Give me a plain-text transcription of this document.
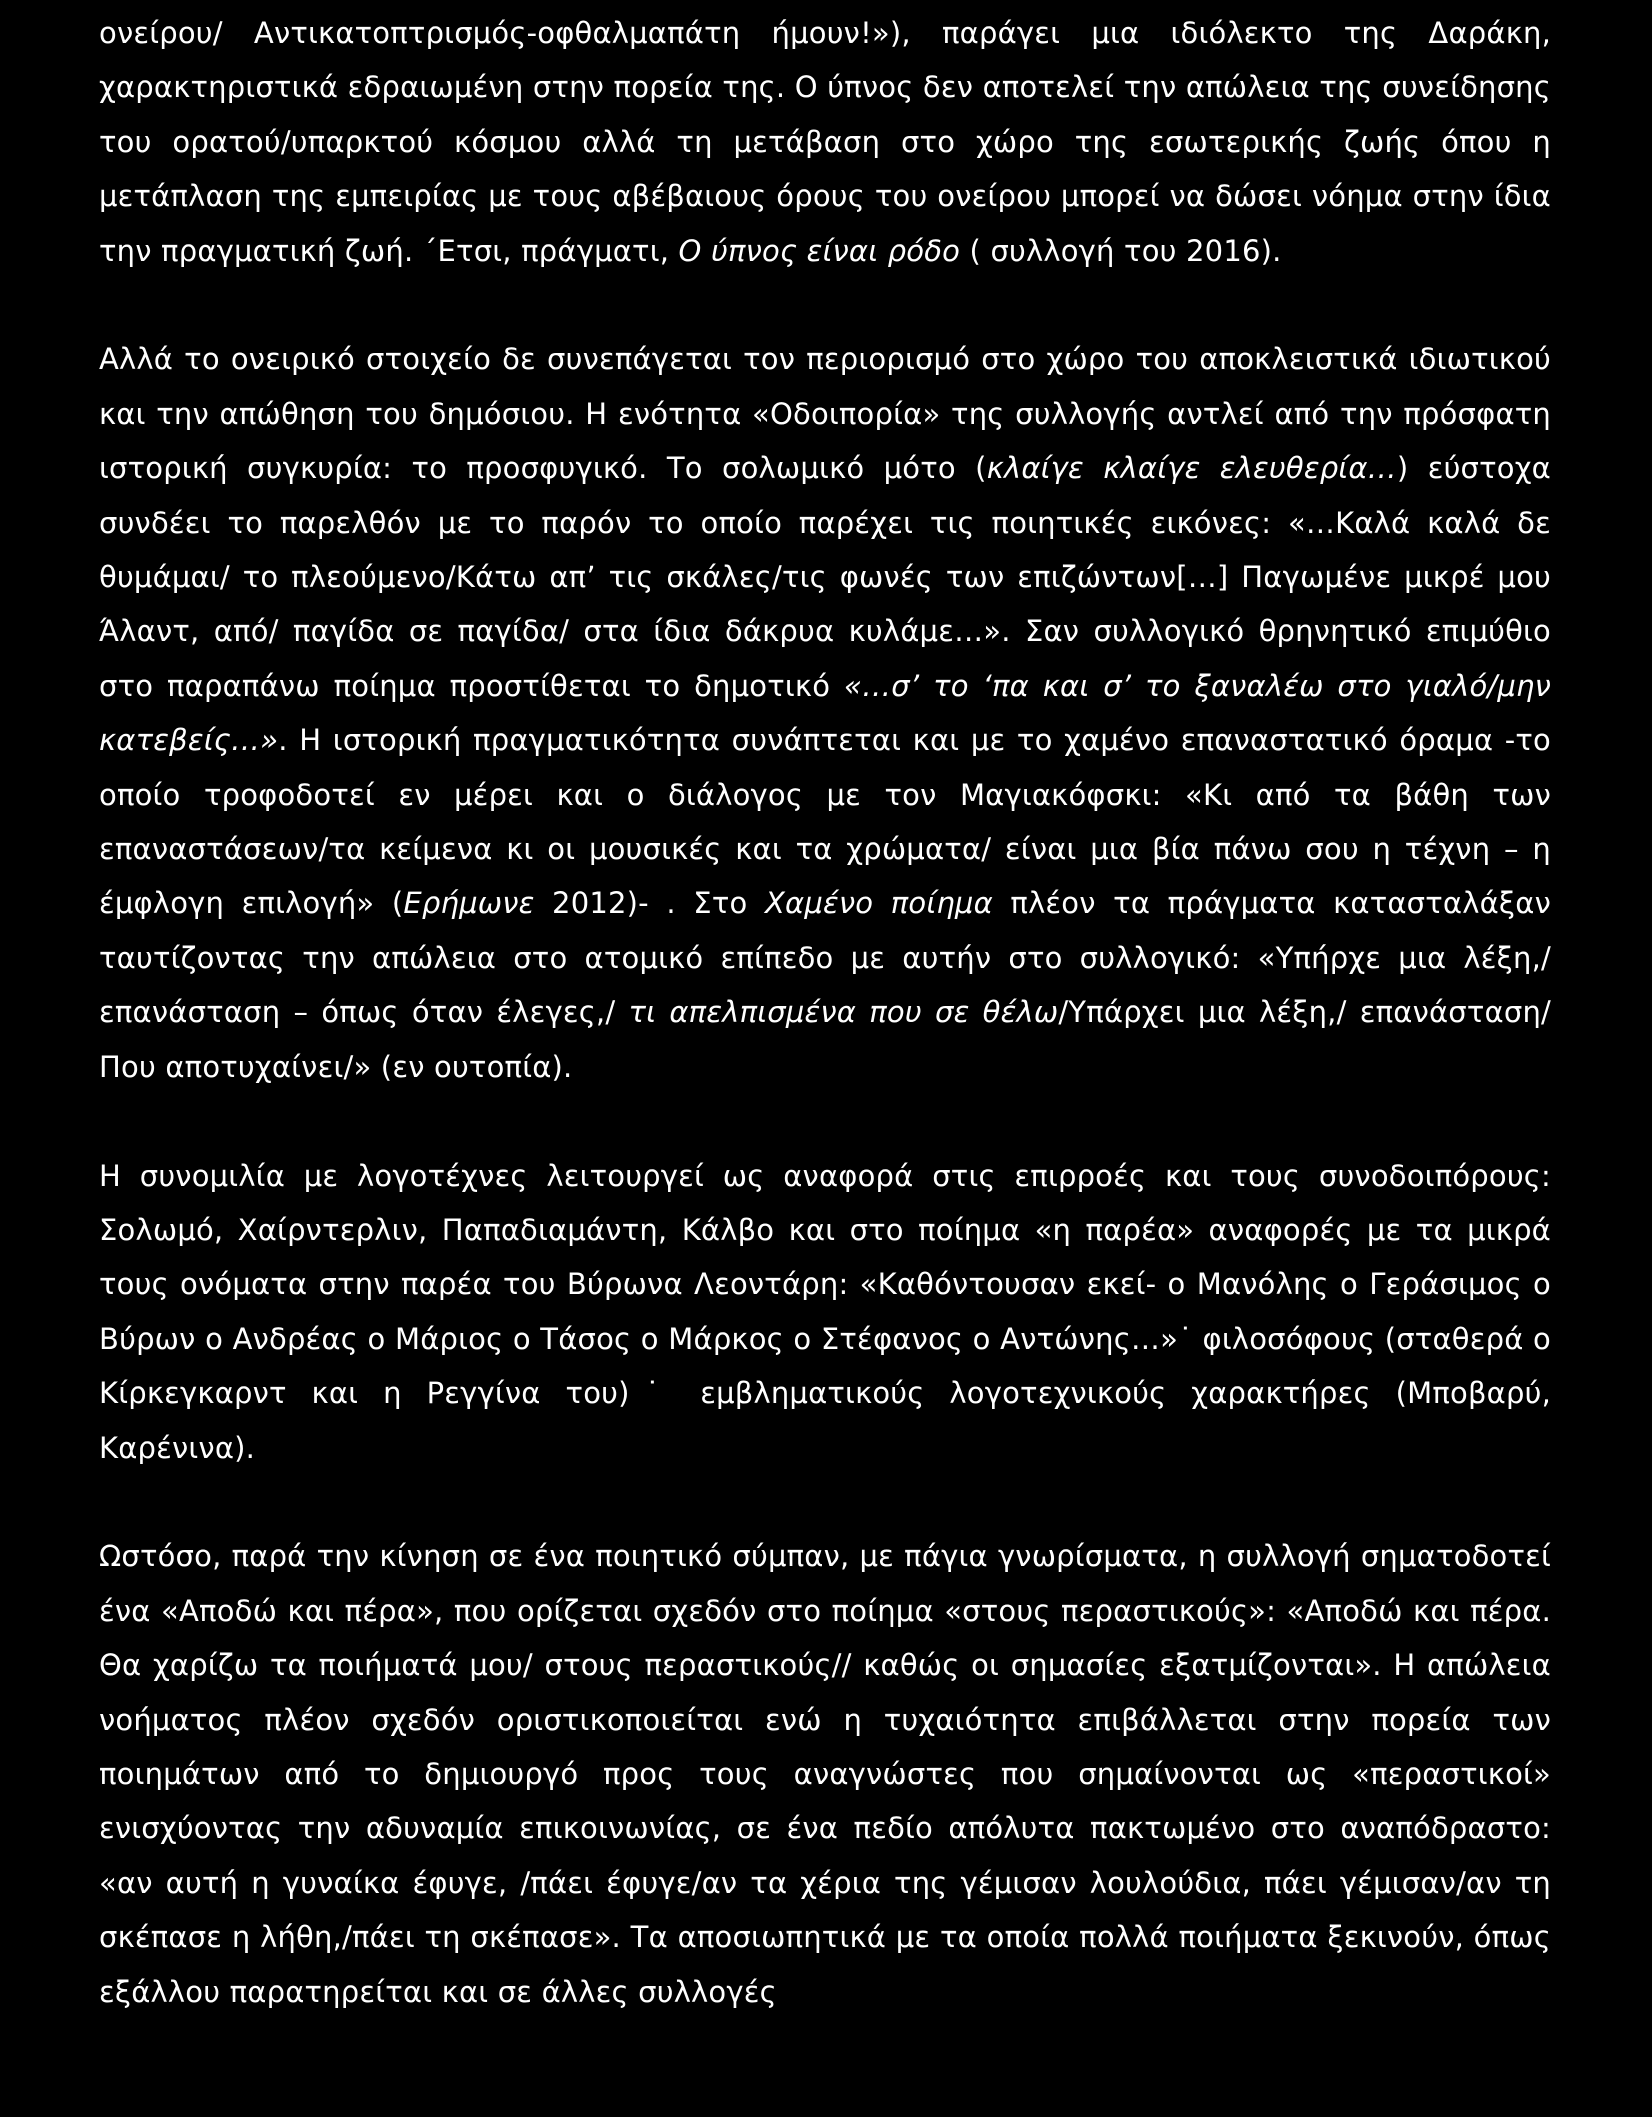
ονείρου/ Αντικατοπτρισμός-οφθαλμαπάτη ήμουν!»), παράγει μια ιδιόλεκτο της Δαράκη, χαρακτηριστικά εδραιωμένη στην πορεία της. Ο ύπνος δεν αποτελεί την απώλεια της συνείδησης του ορατού/υπαρκτού κόσμου αλλά τη μετάβαση στο χώρο της εσωτερικής ζωής όπου η μετάπλαση της εμπειρίας με τους αβέβαιους όρους του ονείρου μπορεί να δώσει νόημα στην ίδια την πραγματική ζωή. ΄Ετσι, πράγματι, Ο ύπνος είναι ρόδο ( συλλογή του 2016).

Αλλά το ονειρικό στοιχείο δε συνεπάγεται τον περιορισμό στο χώρο του αποκλειστικά ιδιωτικού και την απώθηση του δημόσιου. Η ενότητα «Οδοιπορία» της συλλογής αντλεί από την πρόσφατη ιστορική συγκυρία: το προσφυγικό. Το σολωμικό μότο (κλαίγε κλαίγε ελευθερία…) εύστοχα συνδέει το παρελθόν με το παρόν το οποίο παρέχει τις ποιητικές εικόνες: «…Καλά καλά δε θυμάμαι/ το πλεούμενο/Κάτω απ’ τις σκάλες/τις φωνές των επιζώντων[…] Παγωμένε μικρέ μου Άλαντ, από/ παγίδα σε παγίδα/ στα ίδια δάκρυα κυλάμε…». Σαν συλλογικό θρηνητικό επιμύθιο στο παραπάνω ποίημα προστίθεται το δημοτικό «…σ’ το ‘πα και σ’ το ξαναλέω στο γιαλό/μην κατεβείς…». Η ιστορική πραγματικότητα συνάπτεται και με το χαμένο επαναστατικό όραμα -το οποίο τροφοδοτεί εν μέρει και ο διάλογος με τον Μαγιακόφσκι: «Κι από τα βάθη των επαναστάσεων/τα κείμενα κι οι μουσικές και τα χρώματα/ είναι μια βία πάνω σου η τέχνη – η έμφλογη επιλογή» (Ερήμωνε 2012)- . Στο Χαμένο ποίημα πλέον τα πράγματα κατασταλάξαν ταυτίζοντας την απώλεια στο ατομικό επίπεδο με αυτήν στο συλλογικό: «Υπήρχε μια λέξη,/επανάσταση – όπως όταν έλεγες,/ τι απελπισμένα που σε θέλω/Υπάρχει μια λέξη,/ επανάσταση/Που αποτυχαίνει/» (εν ουτοπία).

Η συνομιλία με λογοτέχνες λειτουργεί ως αναφορά στις επιρροές και τους συνοδοιπόρους: Σολωμό, Χαίρντερλιν, Παπαδιαμάντη, Κάλβο και στο ποίημα «η παρέα» αναφορές με τα μικρά τους ονόματα στην παρέα του Βύρωνα Λεοντάρη: «Καθόντουσαν εκεί- ο Μανόλης ο Γεράσιμος ο Βύρων ο Ανδρέας ο Μάριος ο Τάσος ο Μάρκος ο Στέφανος ο Αντώνης…»˙ φιλοσόφους (σταθερά ο Κίρκεγκαρντ και η Ρεγγίνα του)˙ εμβληματικούς λογοτεχνικούς χαρακτήρες (Μποβαρύ, Καρένινα).

Ωστόσο, παρά την κίνηση σε ένα ποιητικό σύμπαν, με πάγια γνωρίσματα, η συλλογή σηματοδοτεί ένα «Αποδώ και πέρα», που ορίζεται σχεδόν στο ποίημα «στους περαστικούς»: «Αποδώ και πέρα. Θα χαρίζω τα ποιήματά μου/ στους περαστικούς// καθώς οι σημασίες εξατμίζονται». Η απώλεια νοήματος πλέον σχεδόν οριστικοποιείται ενώ η τυχαιότητα επιβάλλεται στην πορεία των ποιημάτων από το δημιουργό προς τους αναγνώστες που σημαίνονται ως «περαστικοί» ενισχύοντας την αδυναμία επικοινωνίας, σε ένα πεδίο απόλυτα πακτωμένο στο αναπόδραστο: «αν αυτή η γυναίκα έφυγε, /πάει έφυγε/αν τα χέρια της γέμισαν λουλούδια, πάει γέμισαν/αν τη σκέπασε η λήθη,/πάει τη σκέπασε». Τα αποσιωπητικά με τα οποία πολλά ποιήματα ξεκινούν, όπως εξάλλου παρατηρείται και σε άλλες συλλογές
